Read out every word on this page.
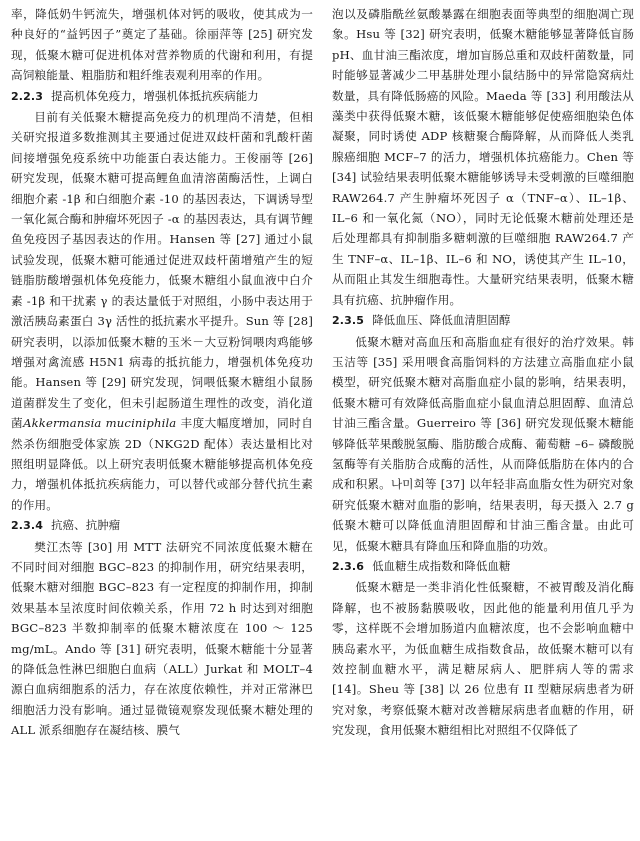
率，降低奶牛钙流失，增强机体对钙的吸收，使其成为一种良好的“益钙因子”奠定了基础。徐丽萍等 [25] 研究发现，低聚木糖可促进机体对营养物质的代谢和利用，有提高饲粮能量、粗脂肪和粗纤维表观利用率的作用。

2.2.3 提高机体免疫力，增强机体抵抗疾病能力

目前有关低聚木糖提高免疫力的机理尚不清楚，但相关研究报道多数推测其主要通过促进双歧杆菌和乳酸杆菌间接增强免疫系统中功能蛋白表达能力。王俊丽等 [26] 研究发现，低聚木糖可提高鲤鱼血清溶菌酶活性，上调白细胞介素 -1β 和白细胞介素 -10 的基因表达，下调诱导型一氧化氮合酶和肿瘤坏死因子 -α 的基因表达，具有调节鲤鱼免疫因子基因表达的作用。Hansen 等 [27] 通过小鼠试验发现，低聚木糖可能通过促进双歧杆菌增殖产生的短链脂肪酸增强机体免疫能力，低聚木糖组小鼠血液中白介素 -1β 和干扰素 γ 的表达量低于对照组，小肠中表达用于激活胰岛素蛋白 3γ 活性的抵抗素水平提升。Sun 等 [28] 研究表明，以添加低聚木糖的玉米－大豆粉饲喂肉鸡能够增强对禽流感 H5N1 病毒的抵抗能力，增强机体免疫功能。Hansen 等 [29] 研究发现，饲喂低聚木糖组小鼠肠道菌群发生了变化，但未引起肠道生理性的改变，消化道菌Akkermansia muciniphila 丰度大幅度增加，同时自然杀伤细胞受体家族 2D（NKG2D 配体）表达量相比对照组明显降低。以上研究表明低聚木糖能够提高机体免疫力，增强机体抵抗疾病能力，可以替代或部分替代抗生素的作用。

2.3.4 抗癌、抗肿瘤

樊江杰等 [30] 用 MTT 法研究不同浓度低聚木糖在不同时间对细胞 BGC–823 的抑制作用，研究结果表明，低聚木糖对细胞 BGC–823 有一定程度的抑制作用，抑制效果基本呈浓度时间依赖关系，作用 72 h 时达到对细胞 BGC–823 半数抑制率的低聚木糖浓度在 100 ～ 125 mg/mL。Ando 等 [31] 研究表明，低聚木糖能十分显著的降低急性淋巴细胞白血病（ALL）Jurkat 和 MOLT–4 源白血病细胞系的活力，存在浓度依赖性，并对正常淋巴细胞活力没有影响。通过显微镜观察发现低聚木糖处理的 ALL 派系细胞存在凝结核、膜气

泡以及磷脂酰丝氨酸暴露在细胞表面等典型的细胞凋亡现象。Hsu 等 [32] 研究表明，低聚木糖能够显著降低盲肠 pH、血甘油三酯浓度，增加盲肠总重和双歧杆菌数量，同时能够显著减少二甲基肼处理小鼠结肠中的异常隐窝病灶数量，具有降低肠癌的风险。Maeda 等 [33] 利用酸法从藻类中获得低聚木糖，该低聚木糖能够促使癌细胞染色体凝聚，同时诱使 ADP 核糖聚合酶降解，从而降低人类乳腺癌细胞 MCF–7 的活力，增强机体抗癌能力。Chen 等 [34] 试验结果表明低聚木糖能够诱导未受刺激的巨噬细胞 RAW264.7 产生肿瘤坏死因子 α（TNF–α）、IL–1β、IL–6 和一氧化氮（NO），同时无论低聚木糖前处理还是后处理都具有抑制脂多糖刺激的巨噬细胞 RAW264.7 产生 TNF–α、IL–1β、IL–6 和 NO，诱使其产生 IL–10，从而阻止其发生细胞毒性。大量研究结果表明，低聚木糖具有抗癌、抗肿瘤作用。

2.3.5 降低血压、降低血清胆固醇

低聚木糖对高血压和高脂血症有很好的治疗效果。韩玉洁等 [35] 采用喂食高脂饲料的方法建立高脂血症小鼠模型，研究低聚木糖对高脂血症小鼠的影响，结果表明，低聚木糖可有效降低高脂血症小鼠血清总胆固醇、血清总甘油三酯含量。Guerreiro 等 [36] 研究发现低聚木糖能够降低苹果酸脱氢酶、脂肪酸合成酶、葡萄糖 –6– 磷酸脱氢酶等有关脂肪合成酶的活性，从而降低脂肪在体内的合成和积累。나미희等 [37] 以年轻非高血脂女性为研究对象研究低聚木糖对血脂的影响，结果表明，每天摄入 2.7 g 低聚木糖可以降低血清胆固醇和甘油三酯含量。由此可见，低聚木糖具有降血压和降血脂的功效。

2.3.6 低血糖生成指数和降低血糖

低聚木糖是一类非消化性低聚糖，不被胃酸及消化酶降解，也不被肠黏膜吸收，因此他的能量利用值几乎为零，这样既不会增加肠道内血糖浓度，也不会影响血糖中胰岛素水平，为低血糖生成指数食品，故低聚木糖可以有效控制血糖水平，满足糖尿病人、肥胖病人等的需求 [14]。Sheu 等 [38] 以 26 位患有 II 型糖尿病患者为研究对象，考察低聚木糖对改善糖尿病患者血糖的作用，研究发现，食用低聚木糖组相比对照组不仅降低了
